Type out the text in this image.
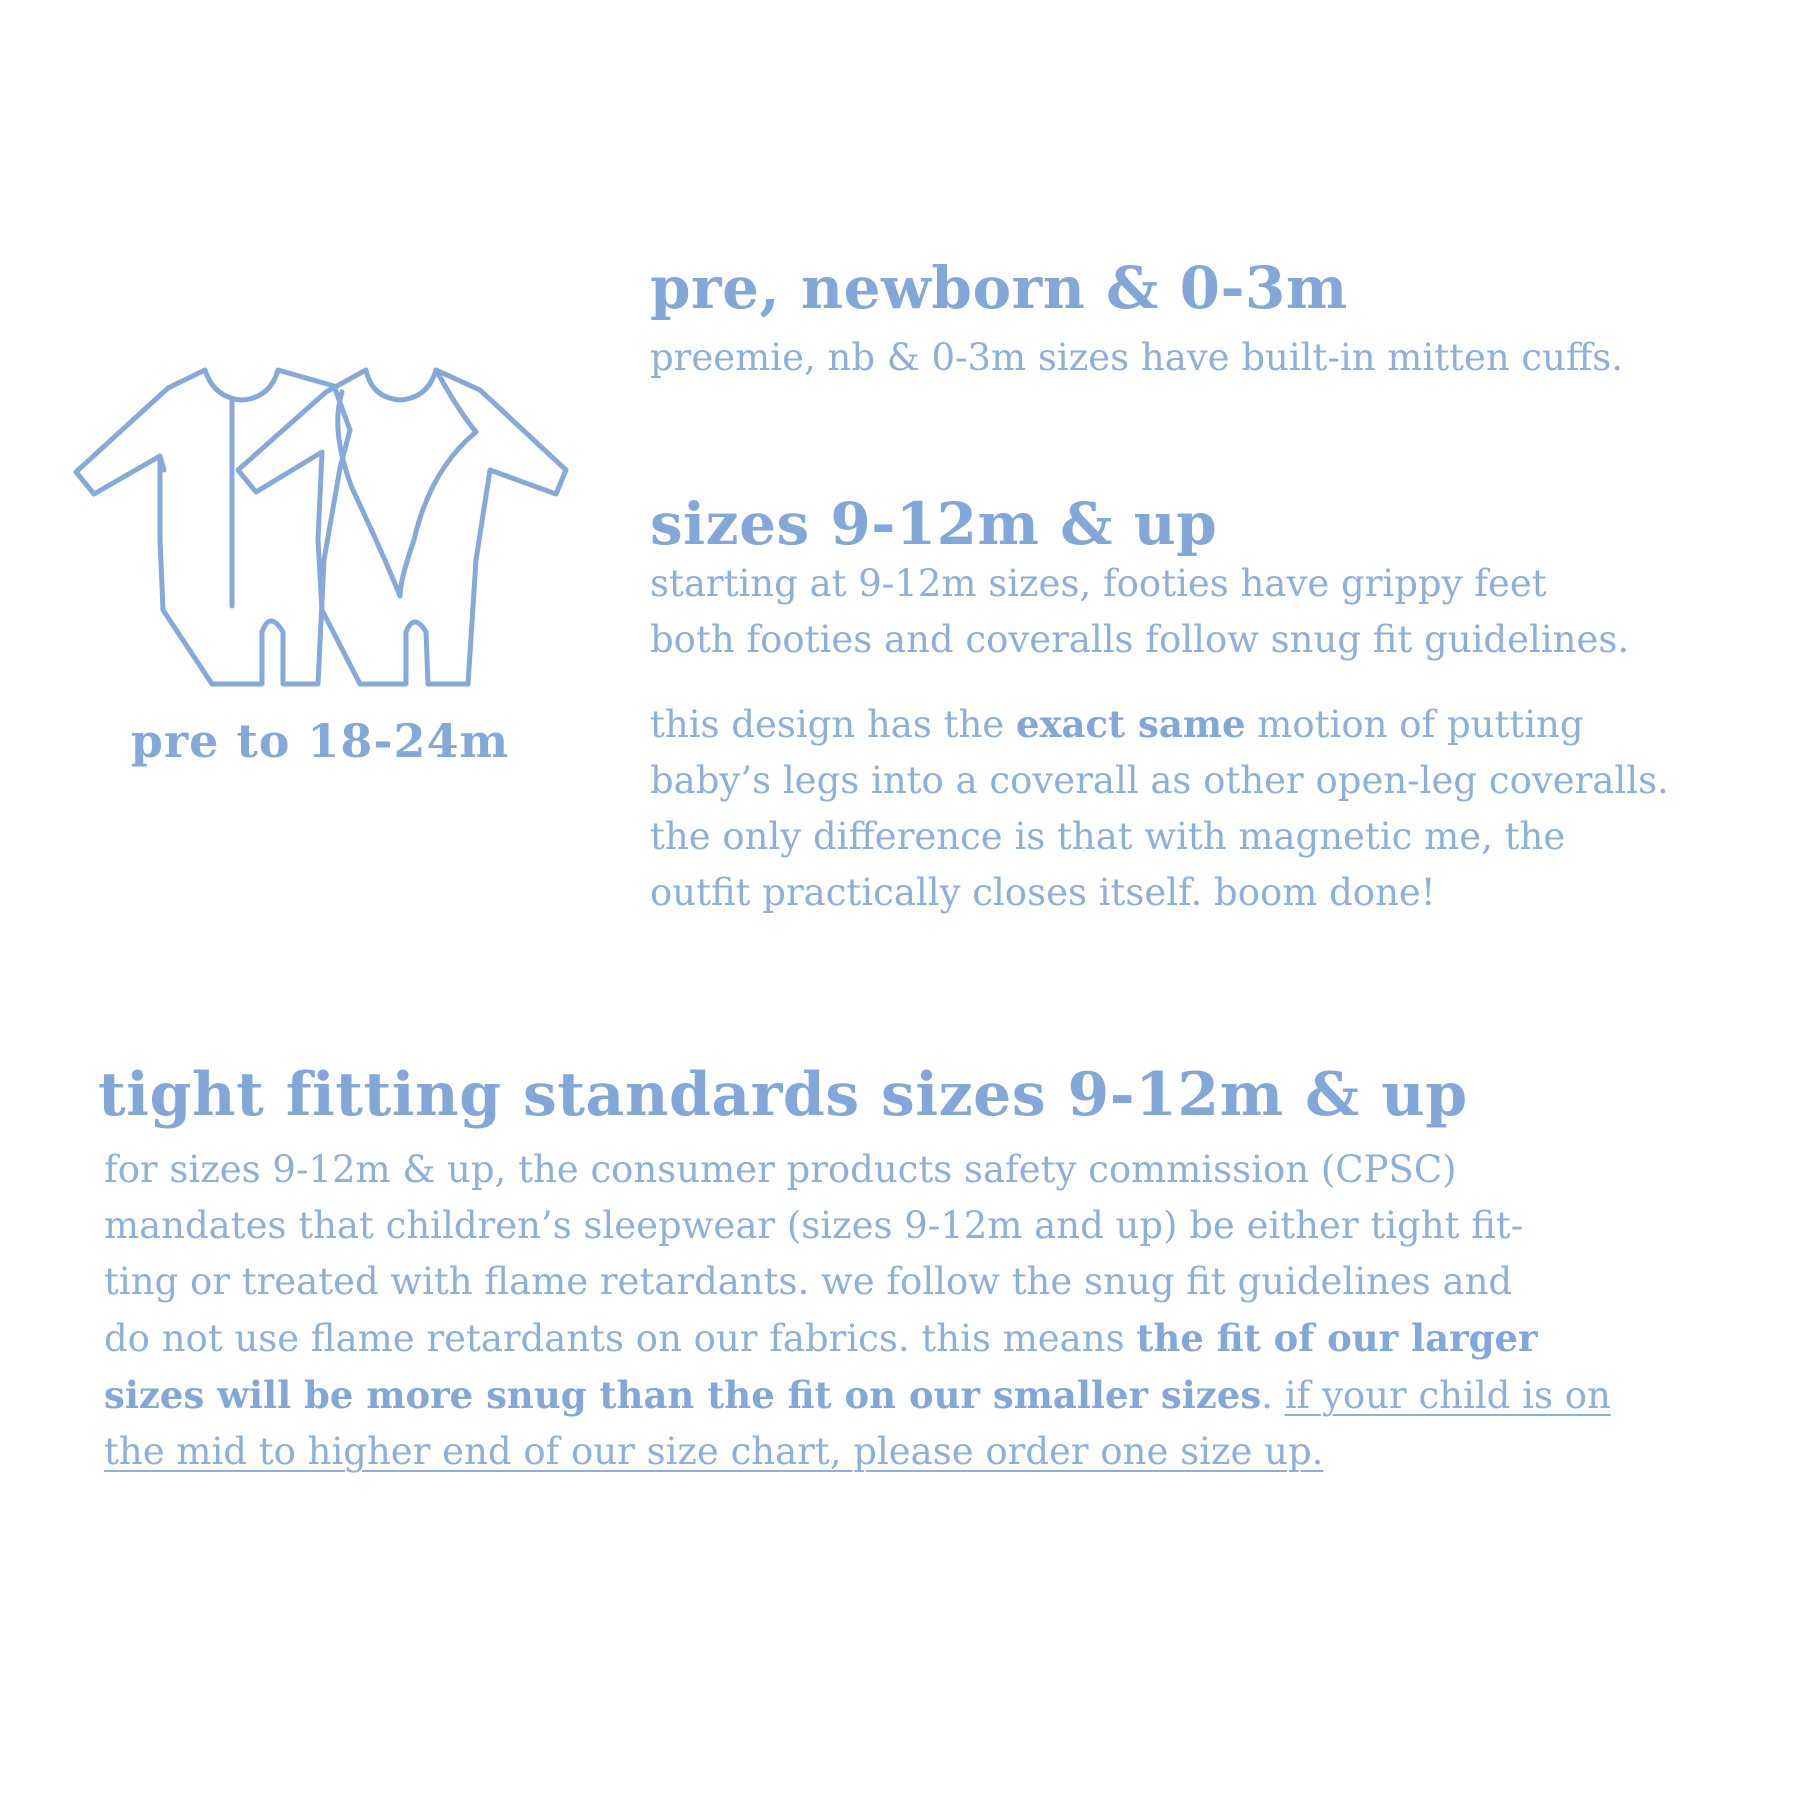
pre to 18-24m
pre, newborn & 0-3m

preemie, nb & 0-3m sizes have built-in mitten cuffs.

sizes 9-12m & up

starting at 9-12m sizes, footies have grippy feet
both footies and coveralls follow snug fit guidelines.

this design has the exact same motion of putting
baby’s legs into a coverall as other open-leg coveralls.
the only difference is that with magnetic me, the
outfit practically closes itself. boom done!

tight fitting standards sizes 9-12m & up

for sizes 9-12m & up, the consumer products safety commission (CPSC)
mandates that children’s sleepwear (sizes 9-12m and up) be either tight fit-
ting or treated with flame retardants. we follow the snug fit guidelines and
do not use flame retardants on our fabrics. this means the fit of our larger
sizes will be more snug than the fit on our smaller sizes. if your child is on
the mid to higher end of our size chart, please order one size up.
